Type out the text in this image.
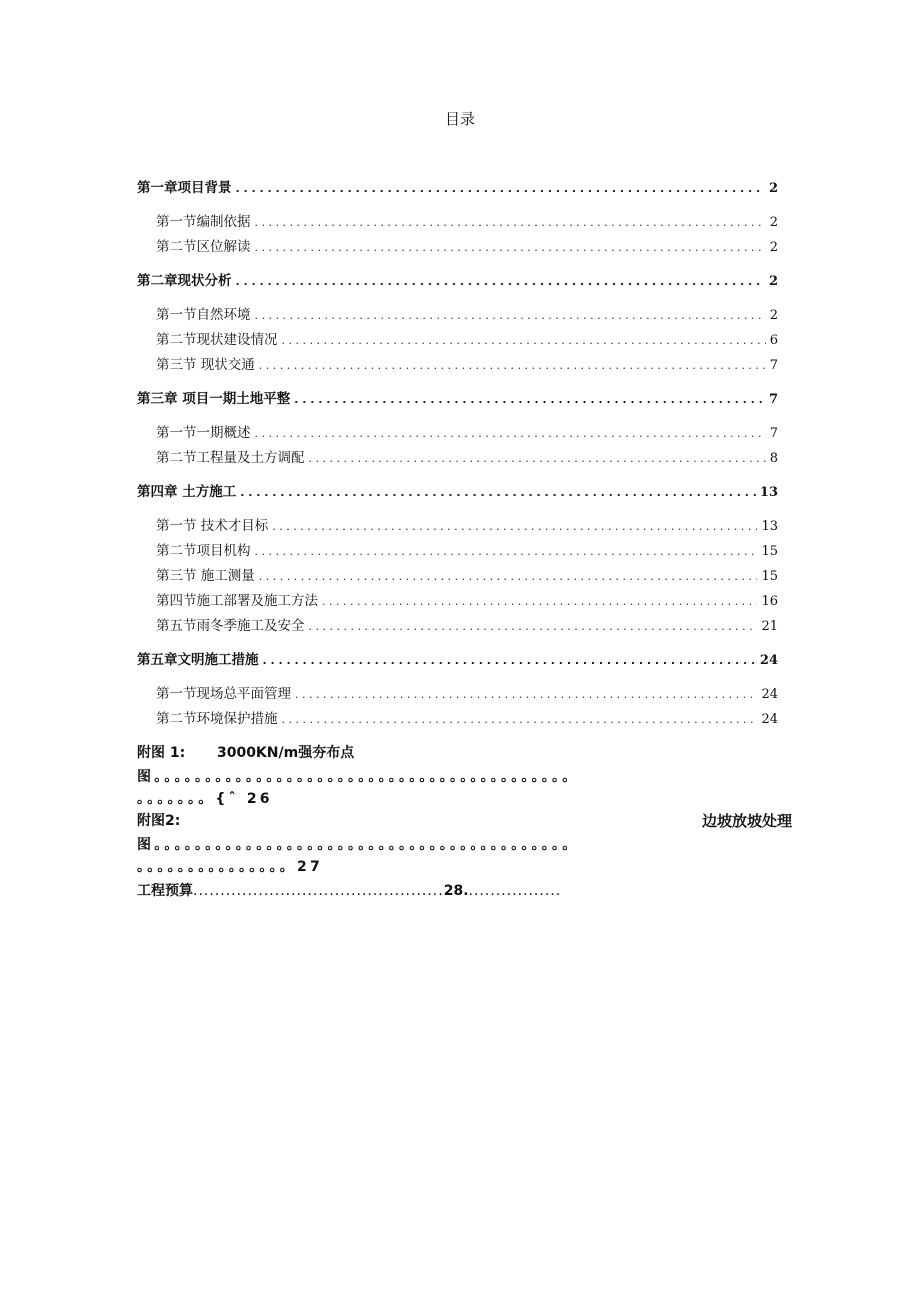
目录
第一章项目背景 . . .	2
第一节编制依据 . . .	2
第二节区位解读 . . .	2
第二章现状分析 . . .	2
第一节自然环境 . . .	2
第二节现状建设情况 . . .	6
第三节 现状交通 . . .	7
第三章 项目一期土地平整 . . .	7
第一节一期概述 . . .	7
第二节工程量及土方调配 . . .	8
第四章 土方施工 . . .	13
第一节 技术才目标 . . .	13
第二节项目机构 . . .	15
第三节 施工测量 . . .	15
第四节施工部署及施工方法 . . .	16
第五节雨冬季施工及安全 . . .	21
第五章文明施工措施 . . .	24
第一节现场总平面管理 . . .	24
第二节环境保护措施 . . .	24
附图 1: 3000KN/m强夯布点
图。。。。。。。。。。。。。。。。。。。。。。。。。。。。。。。。。。。。。。。。。
。。。。。。。{ˆ 26
附图2:	边坡放坡处理
图。。。。。。。。。。。。。。。。。。。。。。。。。。。。。。。。。。。。。。。。。
。。。。。。。。。。。。。。。27
工程预算..............................................28..................
